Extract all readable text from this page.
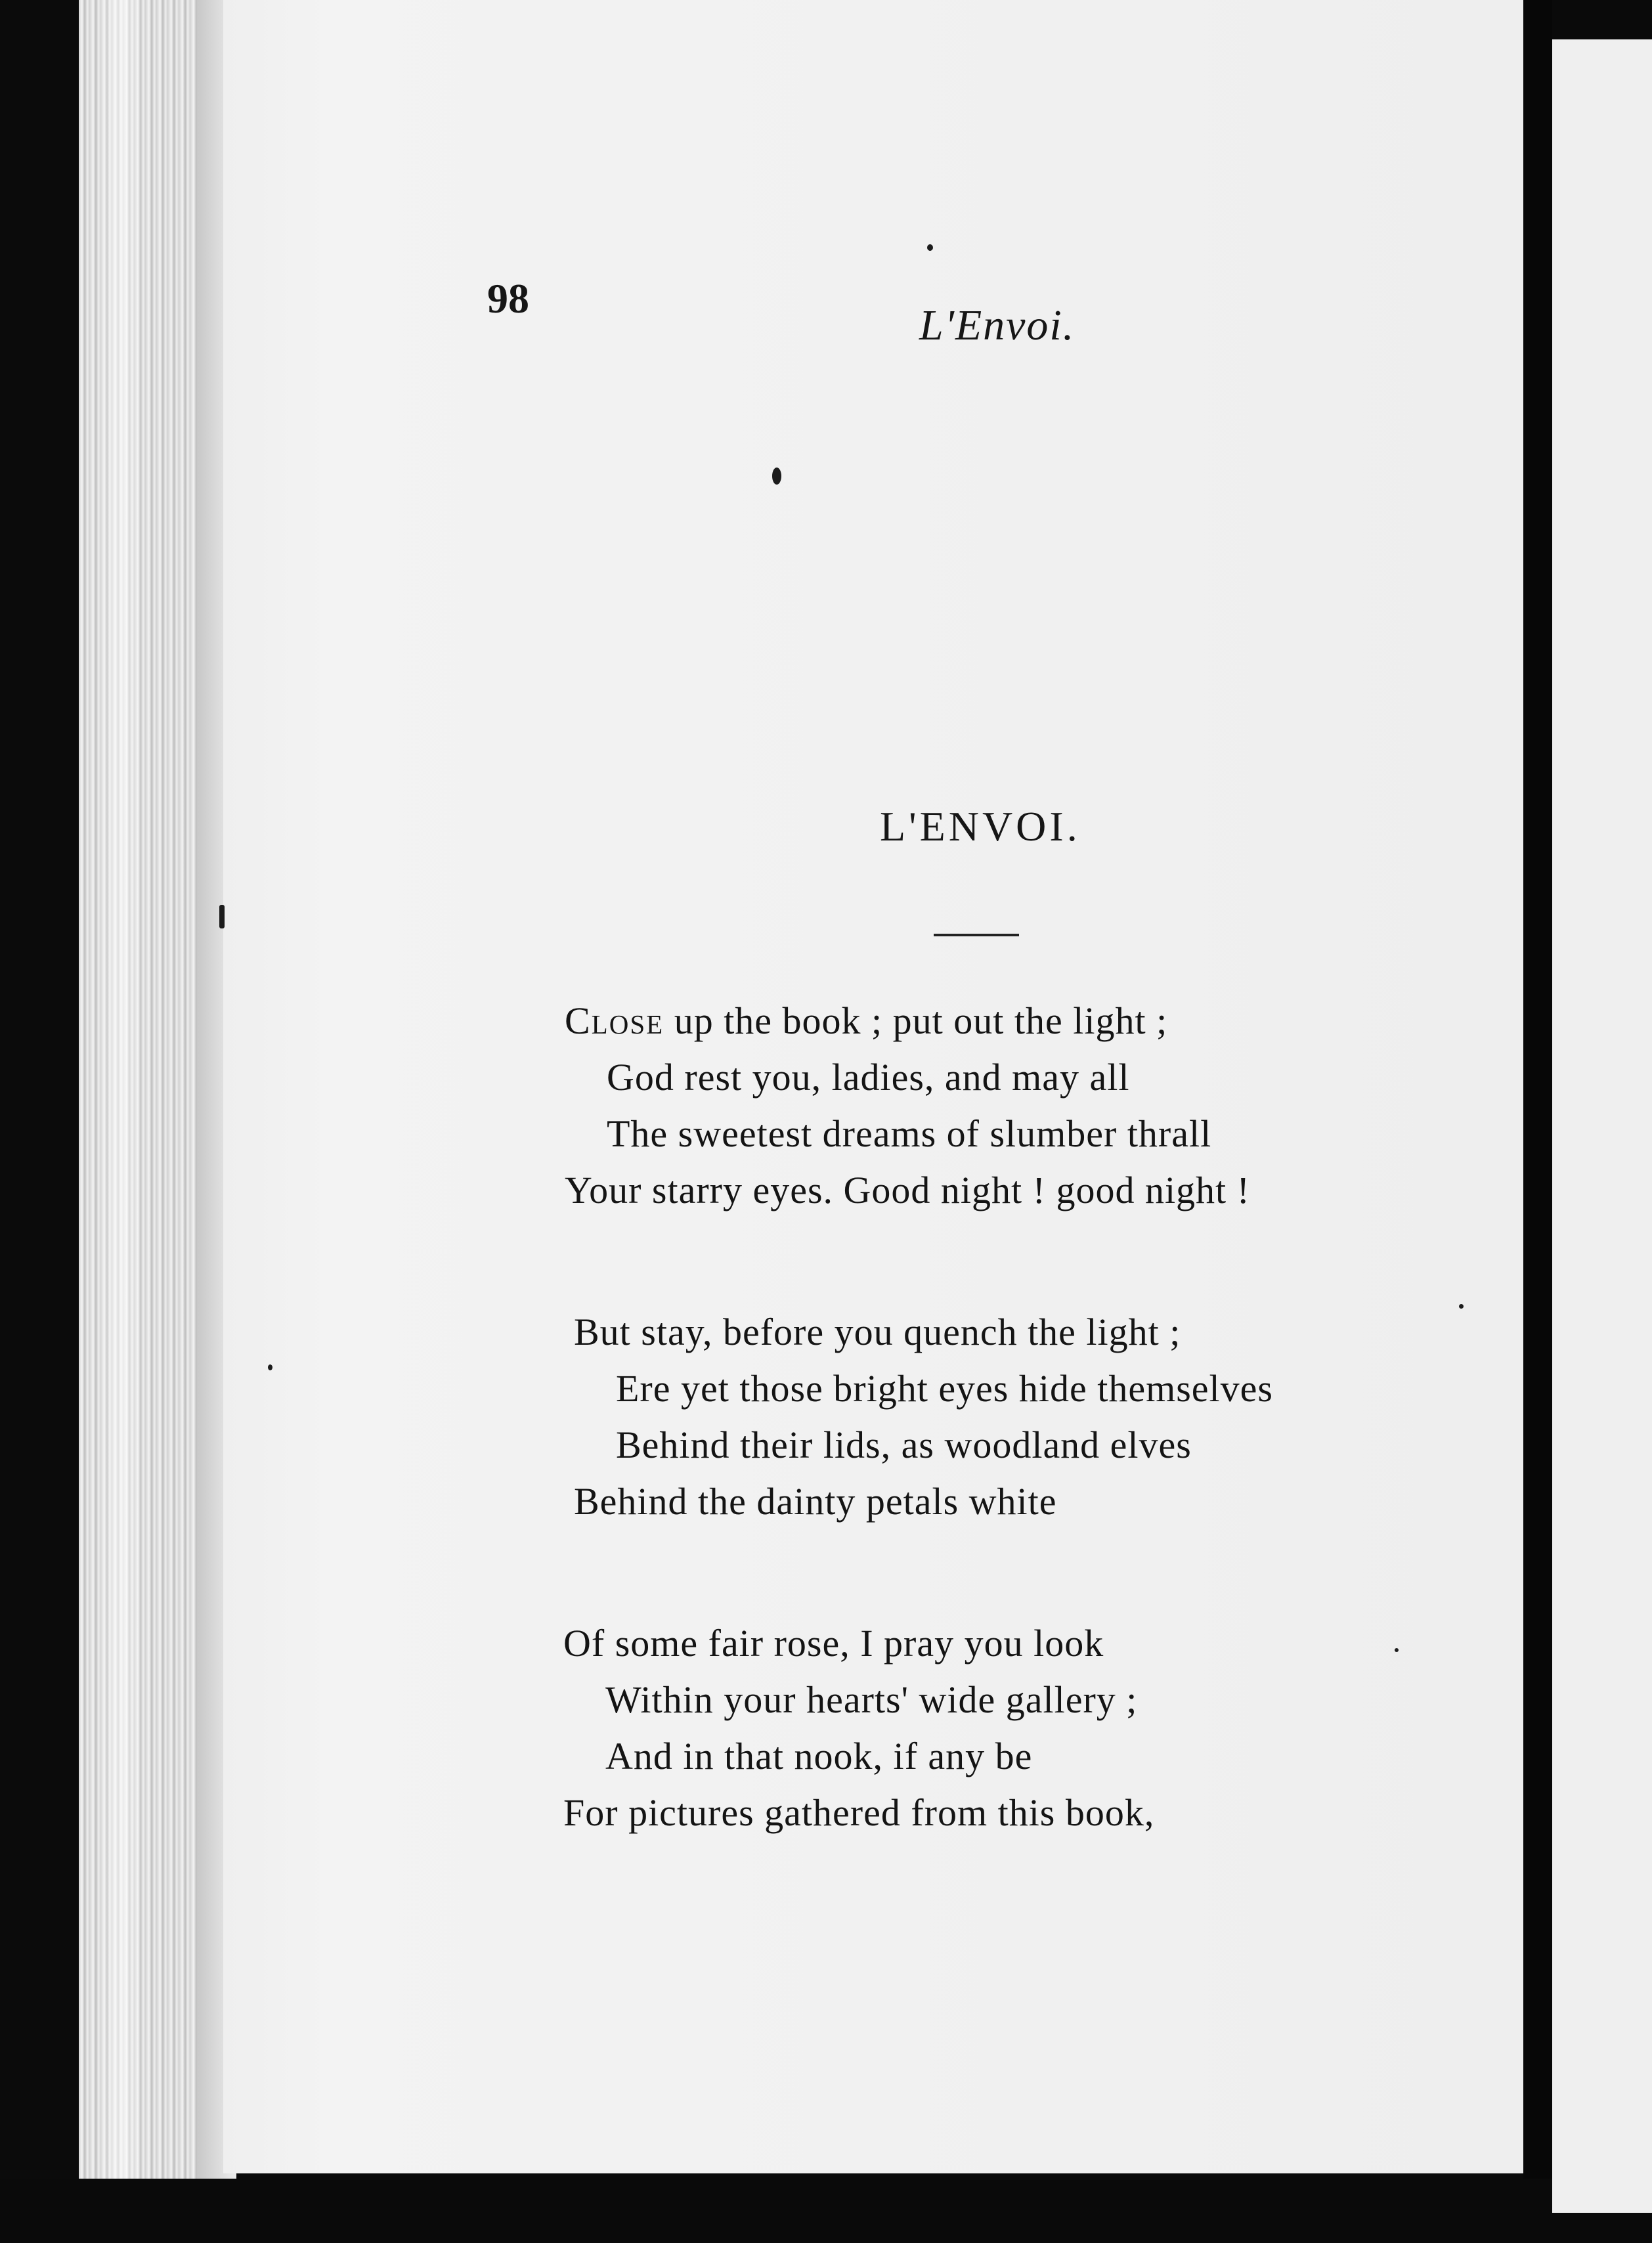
98
L'Envoi.
L'ENVOI.
Close up the book ; put out the light ;
God rest you, ladies, and may all
The sweetest dreams of slumber thrall
Your starry eyes. Good night ! good night !
But stay, before you quench the light ;
Ere yet those bright eyes hide themselves
Behind their lids, as woodland elves
Behind the dainty petals white
Of some fair rose, I pray you look
Within your hearts' wide gallery ;
And in that nook, if any be
For pictures gathered from this book,
